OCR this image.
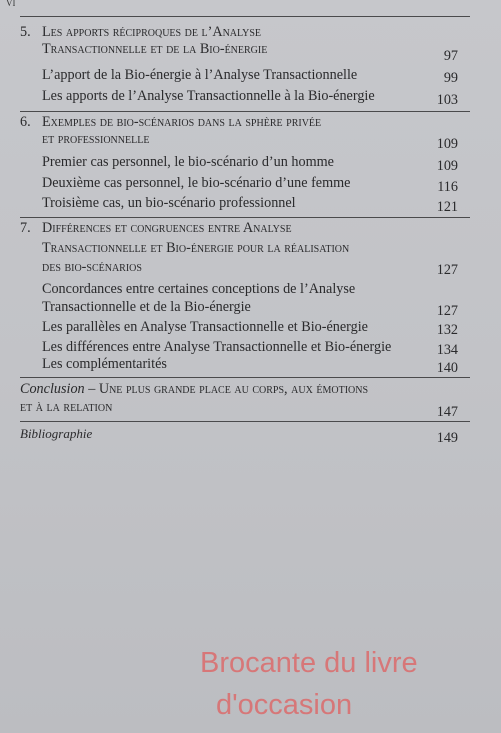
VI
5. Les apports réciproques de l’Analyse
Transactionnelle et de la Bio-énergie	97
L’apport de la Bio-énergie à l’Analyse Transactionnelle	99
Les apports de l’Analyse Transactionnelle à la Bio-énergie	103
6. Exemples de bio-scénarios dans la sphère privée
et professionnelle	109
Premier cas personnel, le bio-scénario d’un homme	109
Deuxième cas personnel, le bio-scénario d’une femme	116
Troisième cas, un bio-scénario professionnel	121
7. Différences et congruences entre Analyse
Transactionnelle et Bio-énergie pour la réalisation
des bio-scénarios	127
Concordances entre certaines conceptions de l’Analyse
Transactionnelle et de la Bio-énergie	127
Les parallèles en Analyse Transactionnelle et Bio-énergie	132
Les différences entre Analyse Transactionnelle et Bio-énergie	134
Les complémentarités	140
Conclusion – Une plus grande place au corps, aux émotions
et à la relation	147
Bibliographie	149
Brocante du livre
d'occasion
